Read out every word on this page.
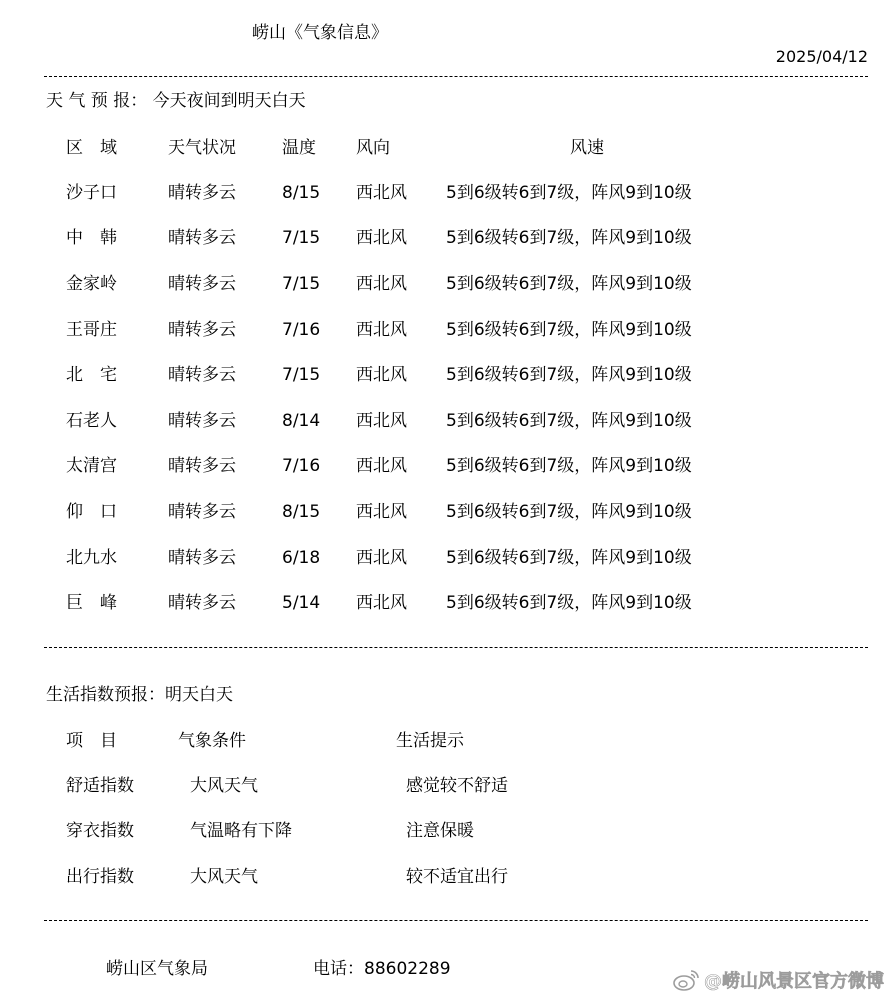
崂山《气象信息》
2025/04/12
天 气 预 报： 今天夜间到明天白天
区　域	天气状况	温度 风向	风速
沙子口	晴转多云	8/15 西北风 5到6级转6到7级，阵风9到10级
中　韩	晴转多云	7/15 西北风 5到6级转6到7级，阵风9到10级
金家岭	晴转多云	7/15 西北风 5到6级转6到7级，阵风9到10级
王哥庄	晴转多云	7/16 西北风 5到6级转6到7级，阵风9到10级
北　宅	晴转多云	7/15 西北风 5到6级转6到7级，阵风9到10级
石老人	晴转多云	8/14 西北风 5到6级转6到7级，阵风9到10级
太清宫	晴转多云	7/16 西北风 5到6级转6到7级，阵风9到10级
仰　口	晴转多云	8/15 西北风 5到6级转6到7级，阵风9到10级
北九水	晴转多云	6/18 西北风 5到6级转6到7级，阵风9到10级
巨　峰	晴转多云	5/14 西北风 5到6级转6到7级，阵风9到10级
生活指数预报：明天白天
项　目	气象条件	生活提示
舒适指数	大风天气	感觉较不舒适
穿衣指数	气温略有下降	注意保暖
出行指数	大风天气	较不适宜出行
崂山区气象局	电话：88602289
@崂山风景区官方微博
